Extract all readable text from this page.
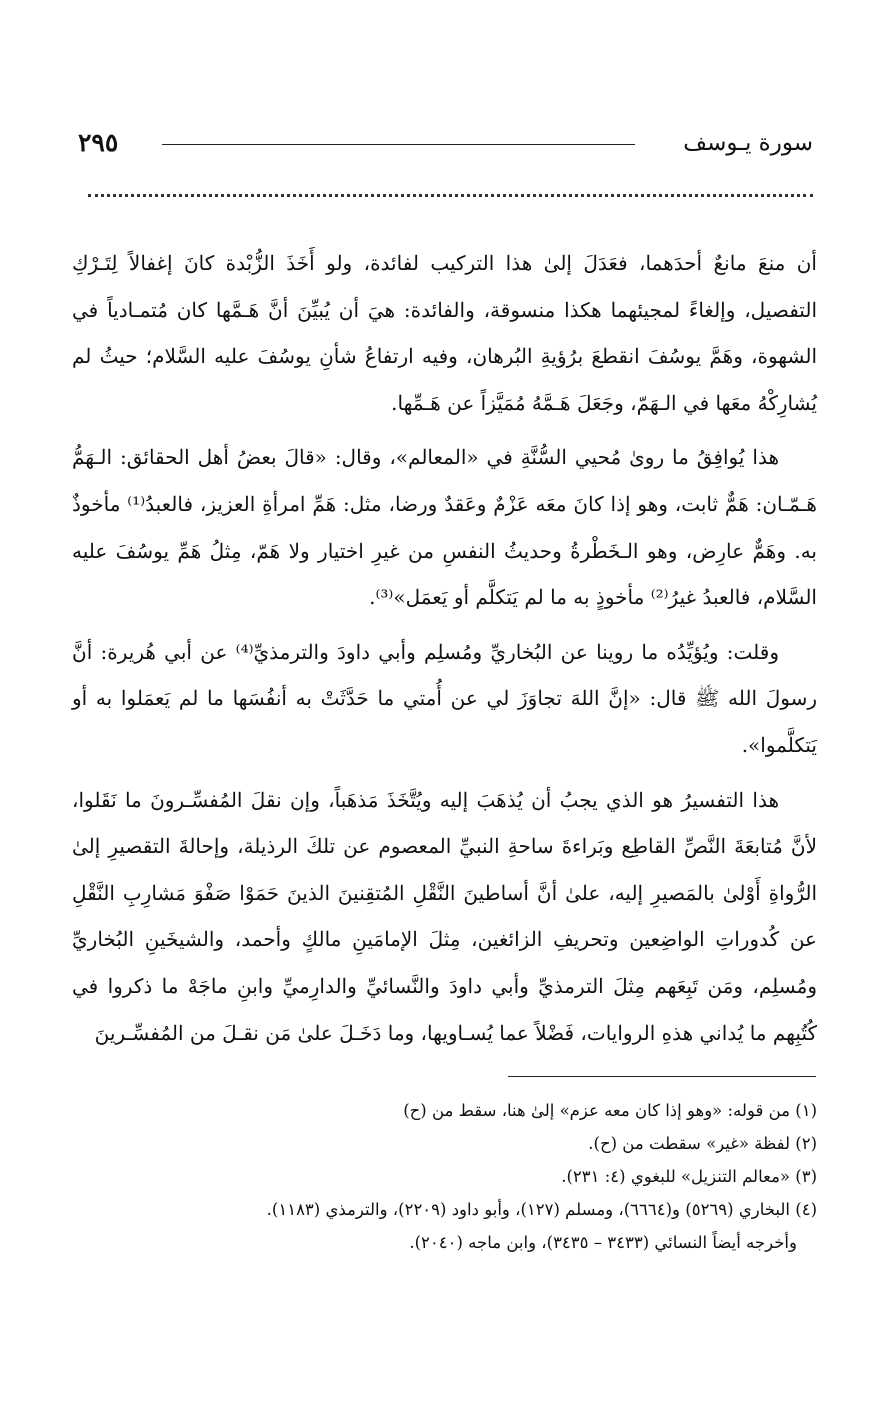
سورة يـوسف
٢٩٥

أن منعَ مانعٌ أحدَهما، فعَدَلَ إلىٰ هذا التركيب لفائدة، ولو أَخَذَ الزُّبْدة كانَ إغفالاً لِتَـرْكِ التفصيل، وإلغاءً لمجيئهما هكذا منسوقة، والفائدة: هيَ أن يُبيِّنَ أنَّ هَـمَّها كان مُتمـادياً في الشهوة، وهَمَّ يوسُفَ انقطعَ برُؤيةِ البُرهان، وفيه ارتفاعُ شأنِ يوسُفَ عليه السَّلام؛ حيثُ لم يُشارِكْهُ معَها في الـهَمّ، وجَعَلَ هَـمَّهُ مُمَيَّزاً عن هَـمِّها.

هذا يُوافِقُ ما روىٰ مُحيي السُّنَّةِ في «المعالم»، وقال: «قالَ بعضُ أهل الحقائق: الـهَمُّ هَـمّـان: هَمٌّ ثابت، وهو إذا كانَ معَه عَزْمٌ وعَقدٌ ورضا، مثل: هَمِّ امرأةِ العزيز، فالعبدُ⁽¹⁾ مأخوذٌ به. وهَمٌّ عارِض، وهو الـخَطْرةُ وحديثُ النفسِ من غيرِ اختيار ولا هَمّ، مِثلُ هَمِّ يوسُفَ عليه السَّلام، فالعبدُ غيرُ⁽²⁾ مأخوذٍ به ما لم يَتكلَّم أو يَعمَل»⁽³⁾.

وقلت: ويُؤيِّدُه ما روينا عن البُخاريِّ ومُسلِم وأبي داودَ والترمذيِّ⁽⁴⁾ عن أبي هُريرة: أنَّ رسولَ الله ﷺ قال: «إنَّ اللهَ تجاوَزَ لي عن أُمتي ما حَدَّثَتْ به أنفُسَها ما لم يَعمَلوا به أو يَتكلَّموا».

هذا التفسيرُ هو الذي يجبُ أن يُذهَبَ إليه ويُتَّخَذَ مَذهَباً، وإن نقلَ المُفسِّـرونَ ما نَقَلوا، لأنَّ مُتابعَةَ النَّصِّ القاطِع وبَراءةَ ساحةِ النبيِّ المعصوم عن تلكَ الرذيلة، وإحالةَ التقصيرِ إلىٰ الرُّواةِ أَوْلىٰ بالمَصيرِ إليه، علىٰ أنَّ أساطينَ النَّقْلِ المُتقِنينَ الذينَ حَمَوْا صَفْوَ مَشارِبِ النَّقْلِ عن كُدوراتِ الواضِعين وتحريفِ الزائغين، مِثلَ الإمامَينِ مالكٍ وأحمد، والشيخَينِ البُخاريِّ ومُسلِم، ومَن تَبِعَهم مِثلَ الترمذيِّ وأبي داودَ والنَّسائيِّ والدارِميِّ وابنِ ماجَهْ ما ذكروا في كُتُبِهم ما يُداني هذهِ الروايات، فَضْلاً عما يُسـاويها، وما دَخَـلَ علىٰ مَن نقـلَ من المُفسِّـرينَ

(١) من قوله: «وهو إذا كان معه عزم» إلىٰ هنا، سقط من (ح)

(٢) لفظة «غير» سقطت من (ح).

(٣) «معالم التنزيل» للبغوي (٤: ٢٣١).

(٤) البخاري (٥٢٦٩) و(٦٦٦٤)، ومسلم (١٢٧)، وأبو داود (٢٢٠٩)، والترمذي (١١٨٣).

وأخرجه أيضاً النسائي (٣٤٣٣ – ٣٤٣٥)، وابن ماجه (٢٠٤٠).
